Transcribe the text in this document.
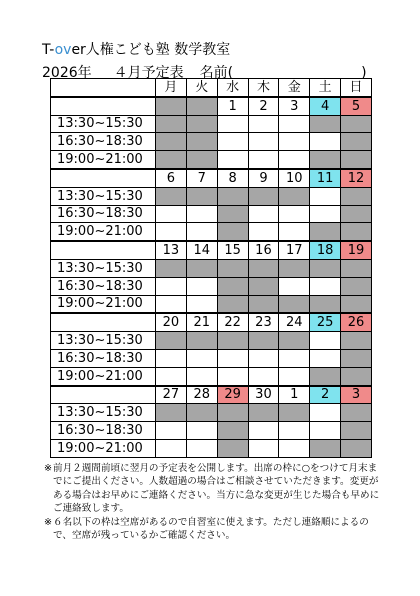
T-over人権こども塾 数学教室
2026年 ４月予定表 名前(	)
	月	火	水	木	金	土	日
			1	2	3	4	5
13:30~15:30							
16:30~18:30							
19:00~21:00							
	6	7	8	9	10	11	12
13:30~15:30							
16:30~18:30							
19:00~21:00							
	13	14	15	16	17	18	19
13:30~15:30							
16:30~18:30							
19:00~21:00							
	20	21	22	23	24	25	26
13:30~15:30							
16:30~18:30							
19:00~21:00							
	27	28	29	30	1	2	3
13:30~15:30							
16:30~18:30							
19:00~21:00							
※ 前月２週間前頃に翌月の予定表を公開します。出席の枠に○をつけて月末までにご提出ください。人数超過の場合はご相談させていただきます。変更がある場合はお早めにご連絡ください。当方に急な変更が生じた場合も早めにご連絡致します。
※ ６名以下の枠は空席があるので自習室に使えます。ただし連絡順によるので、空席が残っているかご確認ください。
